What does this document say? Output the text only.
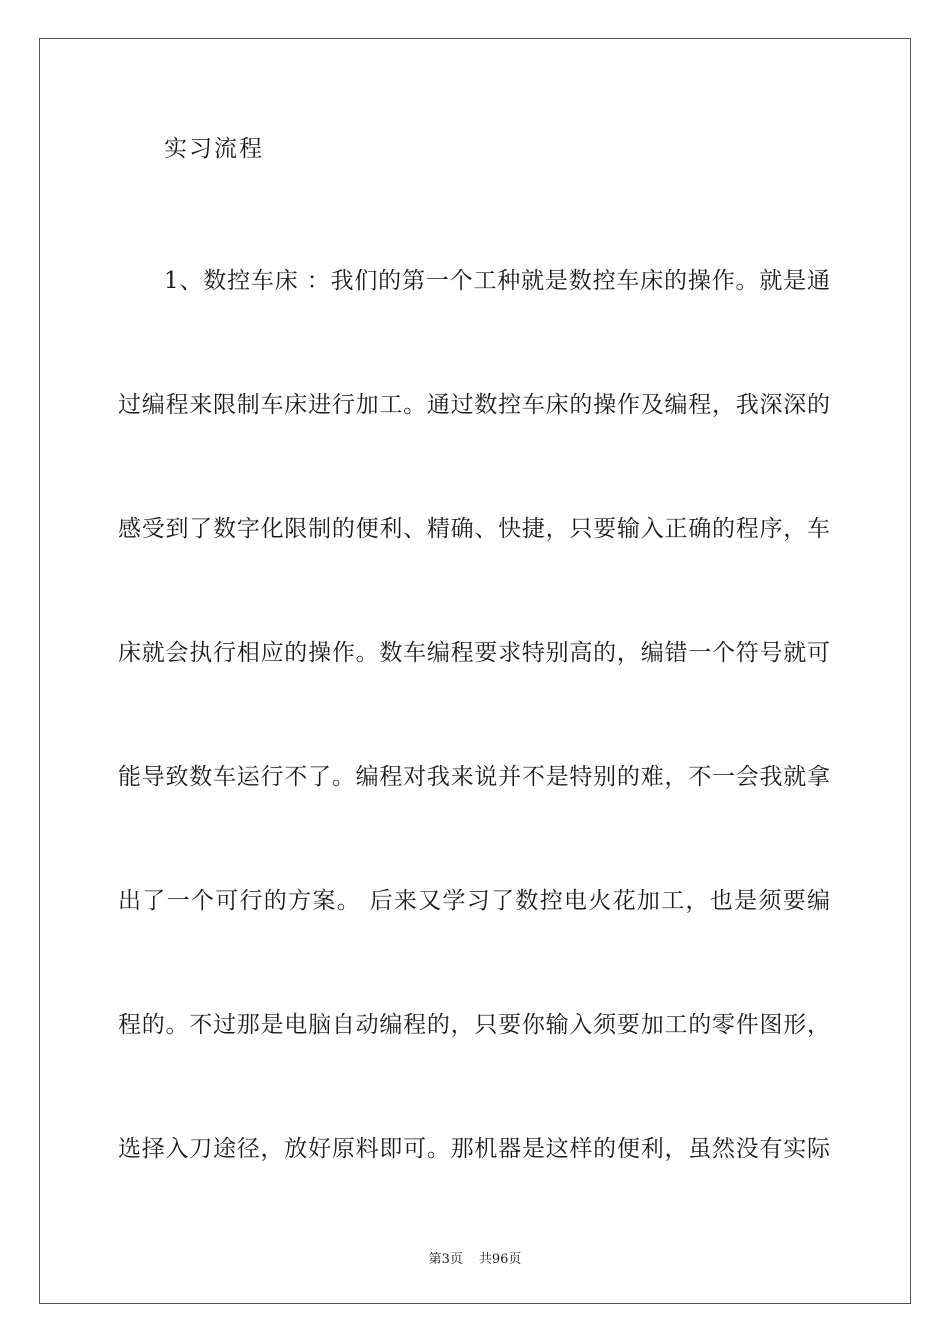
实习流程
1、数控车床 ：我们的第一个工种就是数控车床的操作。就是通
过编程来限制车床进行加工。通过数控车床的操作及编程，我深深的
感受到了数字化限制的便利、精确、快捷，只要输入正确的程序，车
床就会执行相应的操作。数车编程要求特别高的，编错一个符号就可
能导致数车运行不了。编程对我来说并不是特别的难，不一会我就拿
出了一个可行的方案。 后来又学习了数控电火花加工，也是须要编
程的。不过那是电脑自动编程的，只要你输入须要加工的零件图形，
选择入刀途径，放好原料即可。那机器是这样的便利，虽然没有实际
第3页 共96页
